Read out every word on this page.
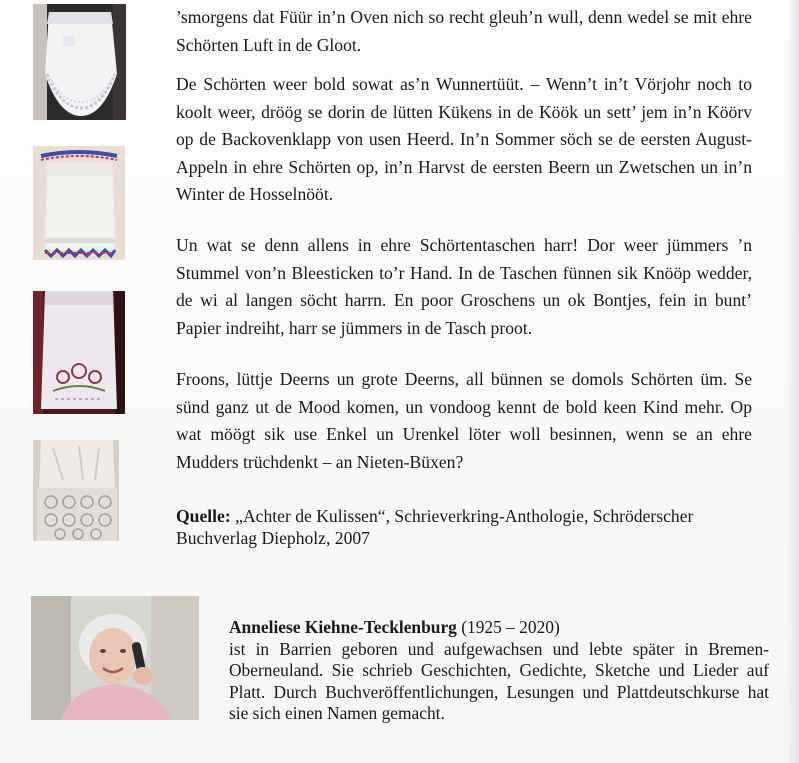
’smorgens dat Füür in’n Oven nich so recht gleuh’n wull, denn wedel se mit ehre Schörten Luft in de Gloot.

De Schörten weer bold sowat as’n Wunnertüüt. – Wenn’t in’t Vörjohr noch to koolt weer, dröög se dorin de lütten Kükens in de Köök un sett’ jem in’n Köörv op de Backovenklapp von usen Heerd. In’n Sommer söch se de eersten August-Appeln in ehre Schörten op, in’n Harvst de eersten Beern un Zwetschen un in’n Winter de Hosselnööt.

Un wat se denn allens in ehre Schörtentaschen harr! Dor weer jümmers ’n Stummel von’n Bleesticken to’r Hand. In de Taschen fünnen sik Knööp wedder, de wi al langen söcht harrn. En poor Groschens un ok Bontjes, fein in bunt’ Papier indreiht, harr se jümmers in de Tasch proot.

Froons, lüttje Deerns un grote Deerns, all bünnen se domols Schörten üm. Se sünd ganz ut de Mood komen, un vondoog kennt de bold keen Kind mehr. Op wat möögt sik use Enkel un Urenkel löter woll besinnen, wenn se an ehre Mudders trüchdenkt – an Nieten-Büxen?

Quelle: „Achter de Kulissen“, Schrieverkring-Anthologie, Schröderscher Buchverlag Diepholz, 2007

Anneliese Kiehne-Tecklenburg (1925 – 2020)
ist in Barrien geboren und aufgewachsen und lebte später in Bremen- Oberneuland. Sie schrieb Geschichten, Gedichte, Sketche und Lieder auf Platt. Durch Buchveröffentlichungen, Lesungen und Plattdeutschkurse hat sie sich einen Namen gemacht.
